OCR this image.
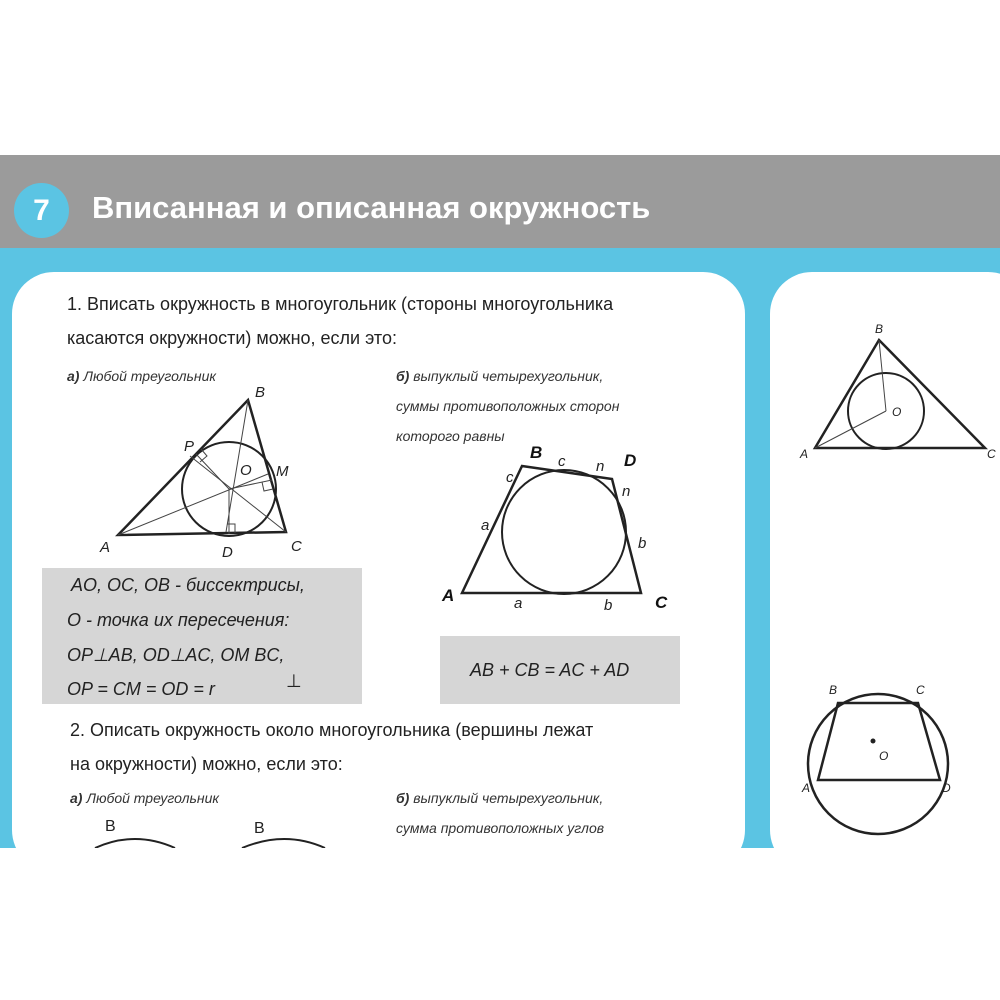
7	Вписанная и описанная окружность
1. Вписать окружность в многоугольник (стороны многоугольника
касаются окружности) можно, если это:
а) Любой треугольник	б) выпуклый четырехугольник,
суммы противоположных сторон
которого равны
A
B
C
P
O M
D
A
B
C
D
c
c n
n
a
a
b
b
AO, OC, OB - биссектрисы,
O - точка их пересечения:
OP⊥AB, OD⊥AC, OM BC,
OP = CM = OD = r	⊥
AB + CB = AC + AD
2. Описать окружность около многоугольника (вершины лежат
на окружности) можно, если это:
а) Любой треугольник	б) выпуклый четырехугольник,
сумма противоположных углов
B	B
B
A	C
O
B	C
A	D
O
